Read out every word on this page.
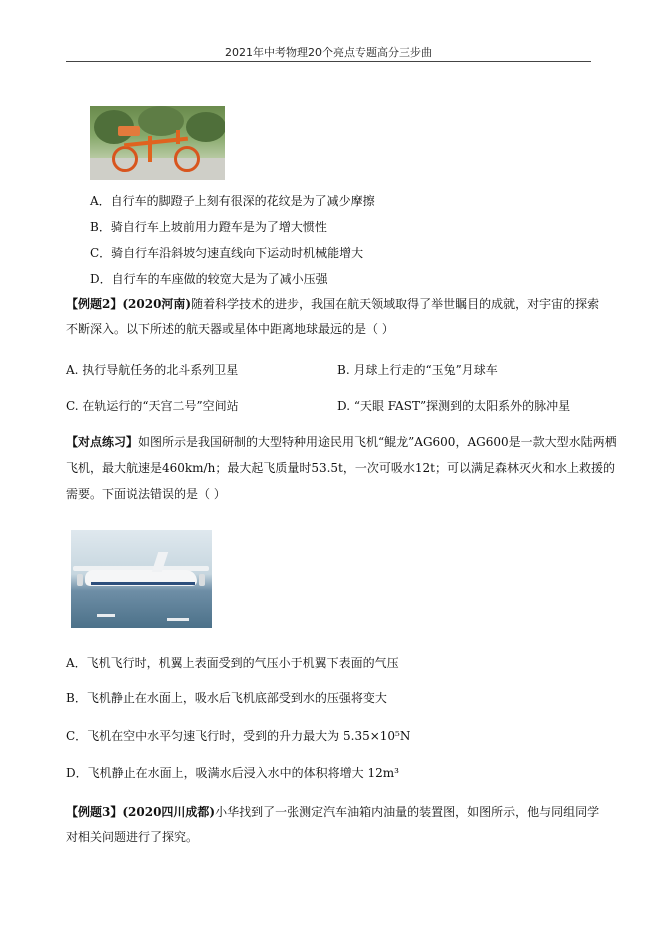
2021年中考物理20个亮点专题高分三步曲
A．自行车的脚蹬子上刻有很深的花纹是为了减少摩擦
B．骑自行车上坡前用力蹬车是为了增大惯性
C．骑自行车沿斜坡匀速直线向下运动时机械能增大
D．自行车的车座做的较宽大是为了减小压强
【例题2】(2020河南)随着科学技术的进步，我国在航天领域取得了举世瞩目的成就，对宇宙的探索
不断深入。以下所述的航天器或星体中距离地球最远的是（ ）
A. 执行导航任务的北斗系列卫星	B. 月球上行走的“玉兔”月球车
C. 在轨运行的“天宫二号”空间站	D. “天眼 FAST”探测到的太阳系外的脉冲星
【对点练习】如图所示是我国研制的大型特种用途民用飞机“鲲龙”AG600，AG600是一款大型水陆两栖
飞机，最大航速是460km/h；最大起飞质量时53.5t，一次可吸水12t；可以满足森林灭火和水上救援的
需要。下面说法错误的是（ ）
A．飞机飞行时，机翼上表面受到的气压小于机翼下表面的气压
B．飞机静止在水面上，吸水后飞机底部受到水的压强将变大
C．飞机在空中水平匀速飞行时，受到的升力最大为 5.35×10⁵N
D．飞机静止在水面上，吸满水后浸入水中的体积将增大 12m³
【例题3】(2020四川成都)小华找到了一张测定汽车油箱内油量的装置图，如图所示，他与同组同学
对相关问题进行了探究。
